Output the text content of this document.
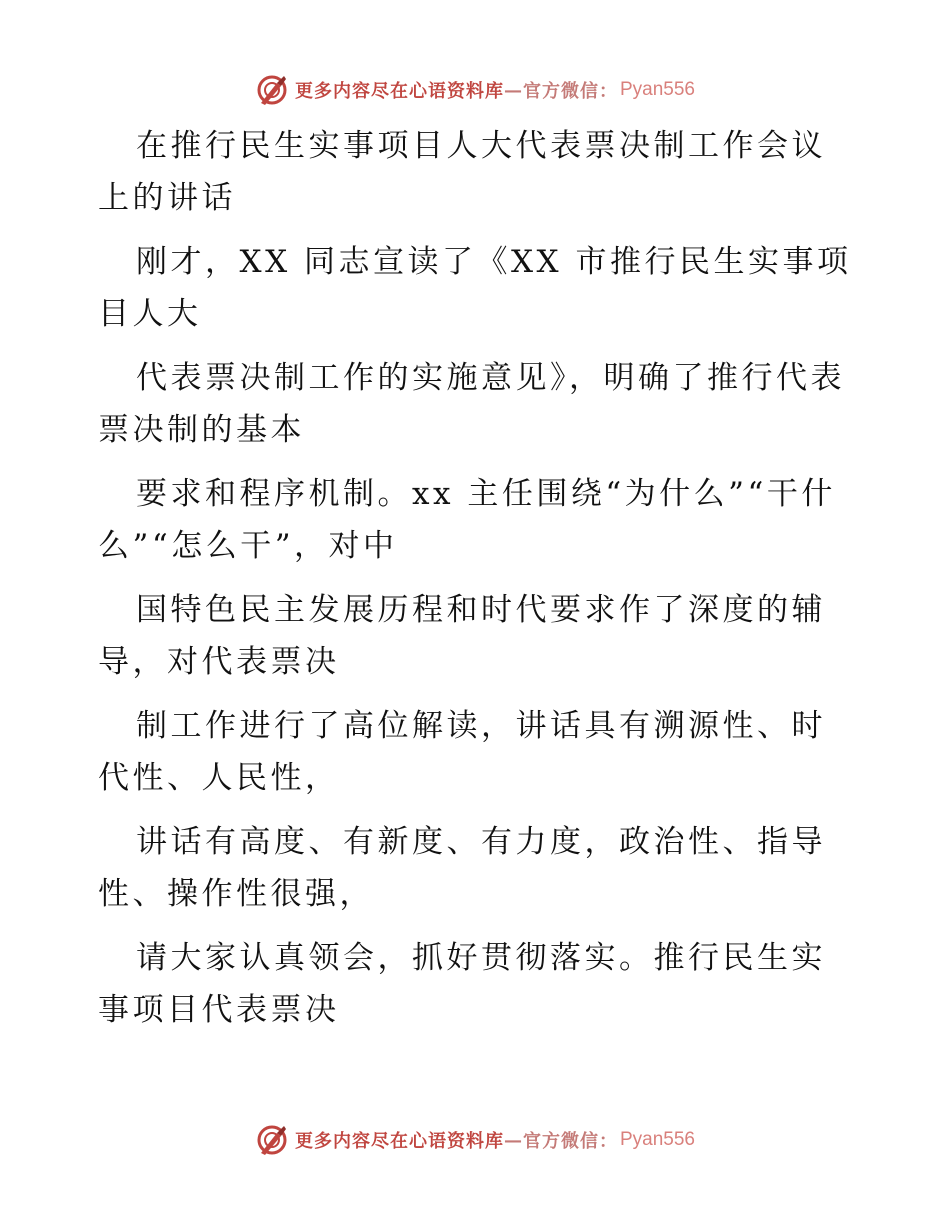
更多内容尽在心语资料库 — 官方微信： Pyan556

在推行民生实事项目人大代表票决制工作会议上的讲话

刚才，XX 同志宣读了《XX 市推行民生实事项目人大

代表票决制工作的实施意见》，明确了推行代表票决制的基本

要求和程序机制。xx 主任围绕“为什么”“干什么”“怎么干”，对中

国特色民主发展历程和时代要求作了深度的辅导，对代表票决

制工作进行了高位解读，讲话具有溯源性、时代性、人民性，

讲话有高度、有新度、有力度，政治性、指导性、操作性很强，

请大家认真领会，抓好贯彻落实。推行民生实事项目代表票决

更多内容尽在心语资料库 — 官方微信： Pyan556
